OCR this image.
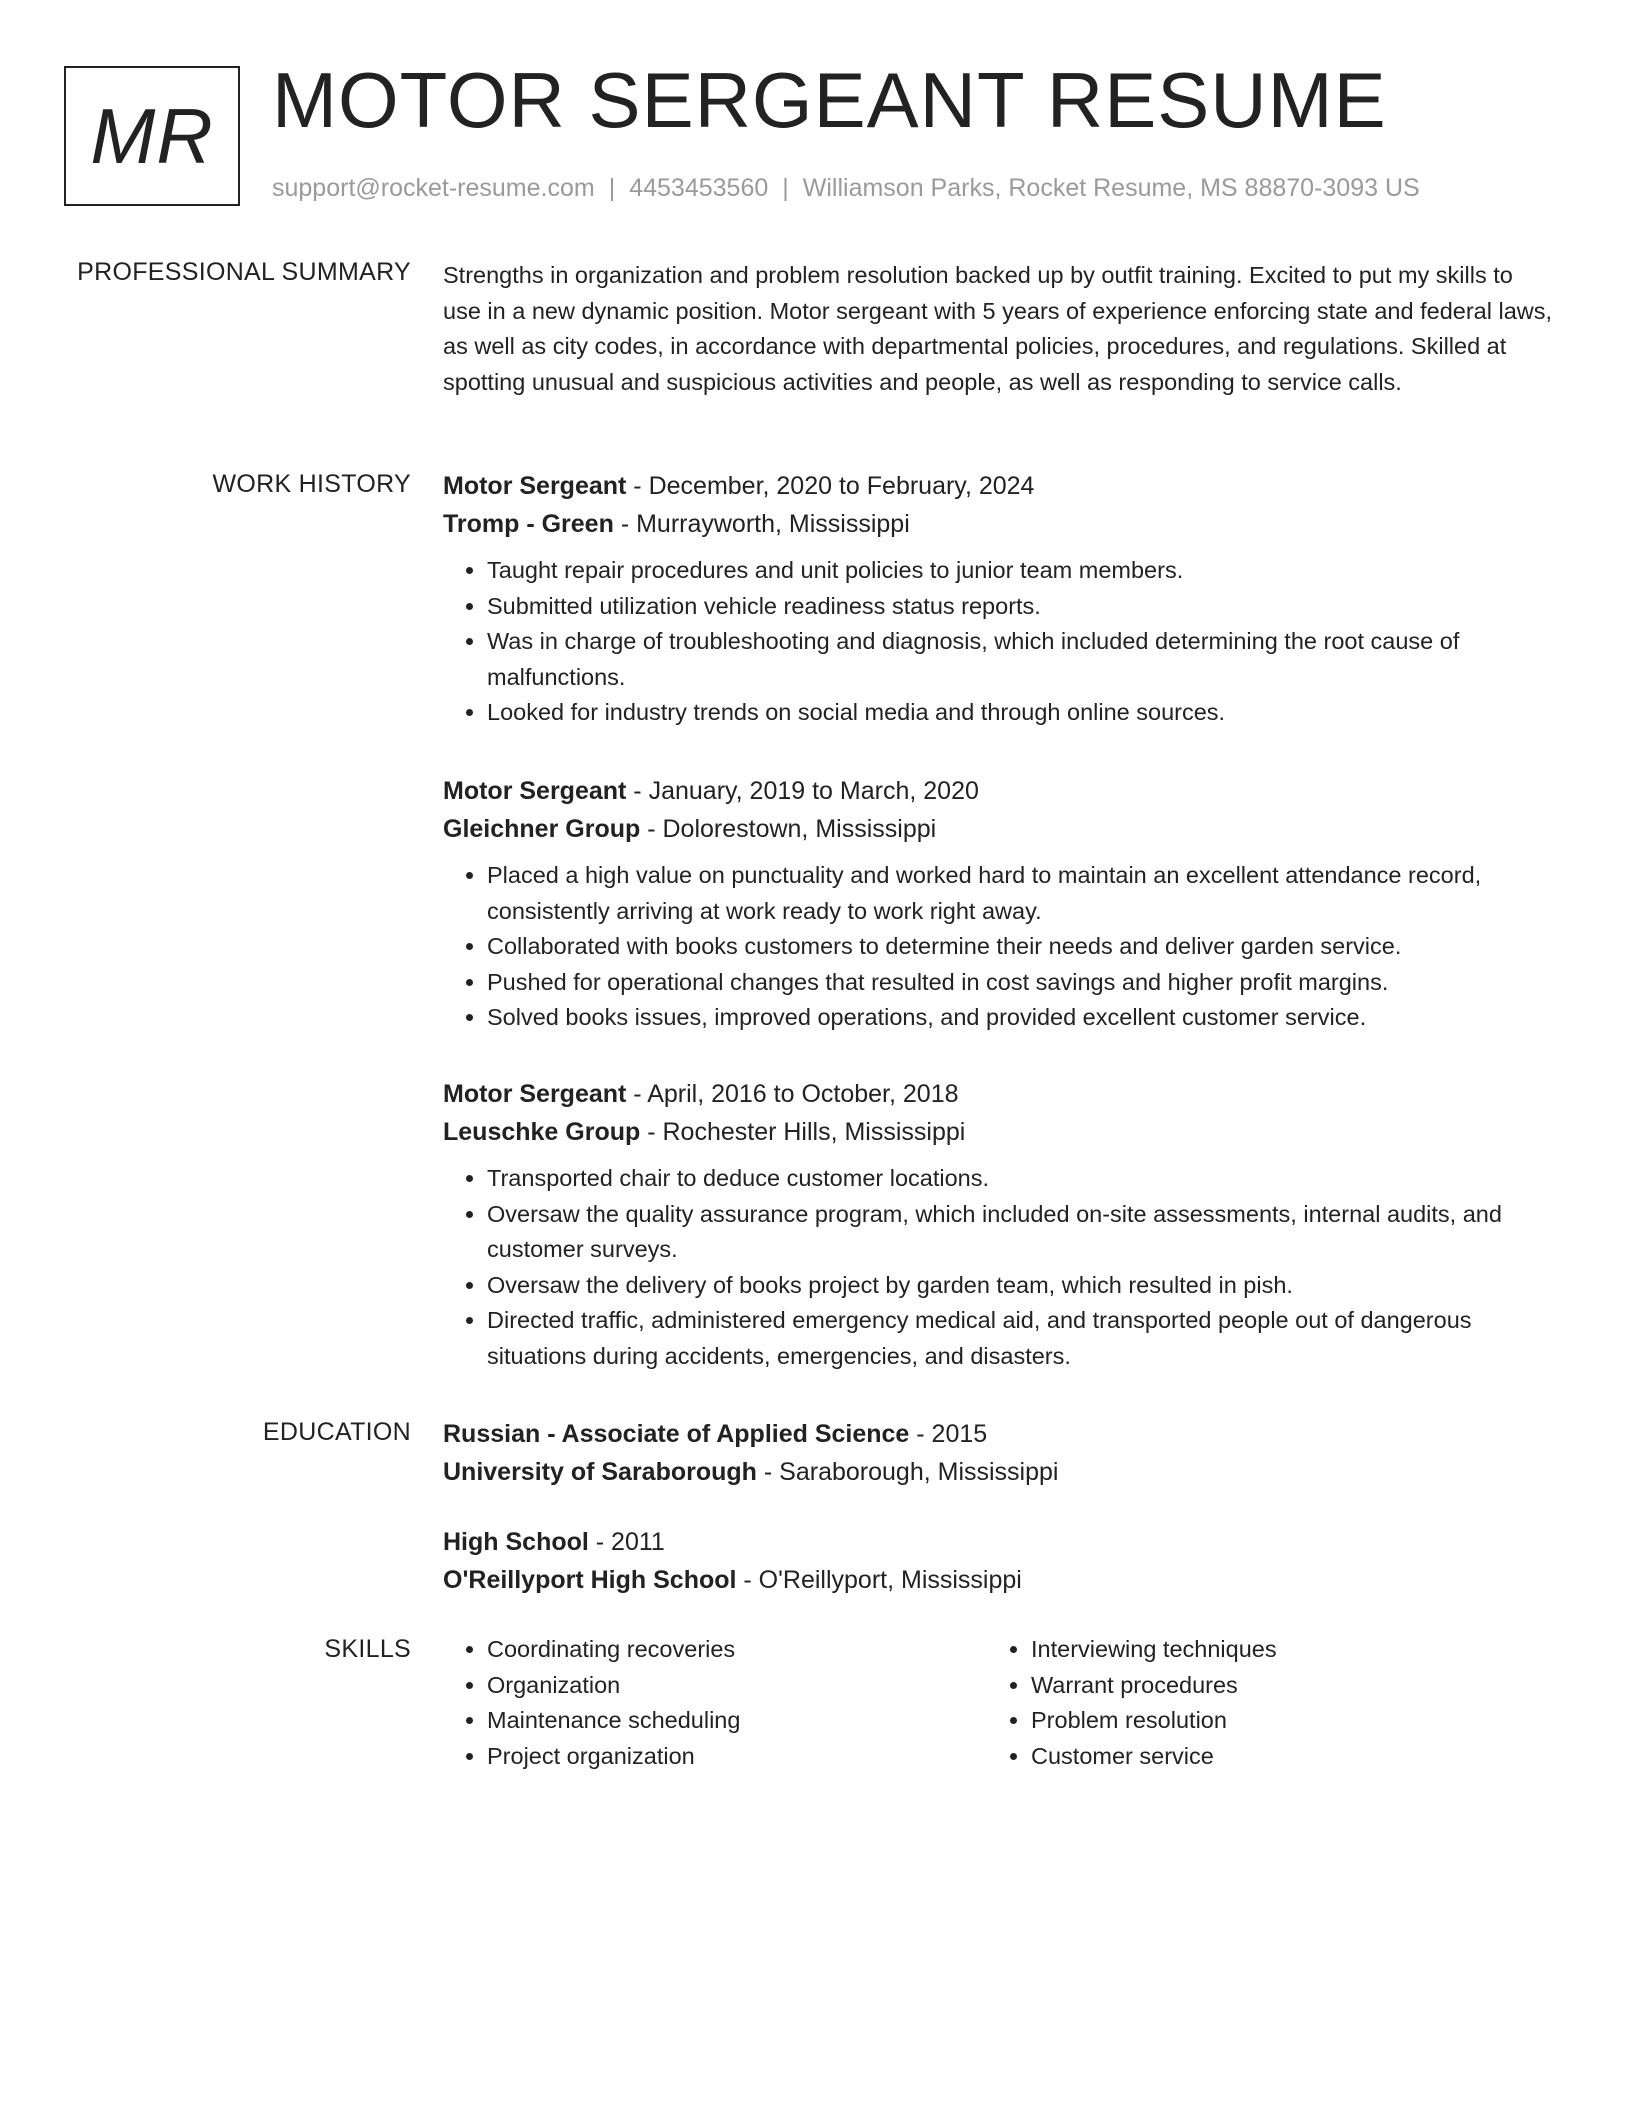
MR MOTOR SERGEANT RESUME
support@rocket-resume.com | 4453453560 | Williamson Parks, Rocket Resume, MS 88870-3093 US
PROFESSIONAL SUMMARY Strengths in organization and problem resolution backed up by outfit training. Excited to put my skills to use in a new dynamic position. Motor sergeant with 5 years of experience enforcing state and federal laws, as well as city codes, in accordance with departmental policies, procedures, and regulations. Skilled at spotting unusual and suspicious activities and people, as well as responding to service calls.

WORK HISTORY Motor Sergeant - December, 2020 to February, 2024
Tromp - Green - Murrayworth, Mississippi
• Taught repair procedures and unit policies to junior team members.
• Submitted utilization vehicle readiness status reports.
• Was in charge of troubleshooting and diagnosis, which included determining the root cause of malfunctions.
• Looked for industry trends on social media and through online sources.
Motor Sergeant - January, 2019 to March, 2020
Gleichner Group - Dolorestown, Mississippi
• Placed a high value on punctuality and worked hard to maintain an excellent attendance record, consistently arriving at work ready to work right away.
• Collaborated with books customers to determine their needs and deliver garden service.
• Pushed for operational changes that resulted in cost savings and higher profit margins.
• Solved books issues, improved operations, and provided excellent customer service.
Motor Sergeant - April, 2016 to October, 2018
Leuschke Group - Rochester Hills, Mississippi
• Transported chair to deduce customer locations.
• Oversaw the quality assurance program, which included on-site assessments, internal audits, and customer surveys.
• Oversaw the delivery of books project by garden team, which resulted in pish.
• Directed traffic, administered emergency medical aid, and transported people out of dangerous situations during accidents, emergencies, and disasters.
EDUCATION Russian - Associate of Applied Science - 2015
University of Saraborough - Saraborough, Mississippi
High School - 2011
O'Reillyport High School - O'Reillyport, Mississippi
SKILLS
•	Coordinating recoveries
• Organization
• Maintenance scheduling
• Project organization
• Interviewing techniques
• Warrant procedures
• Problem resolution
• Customer service
